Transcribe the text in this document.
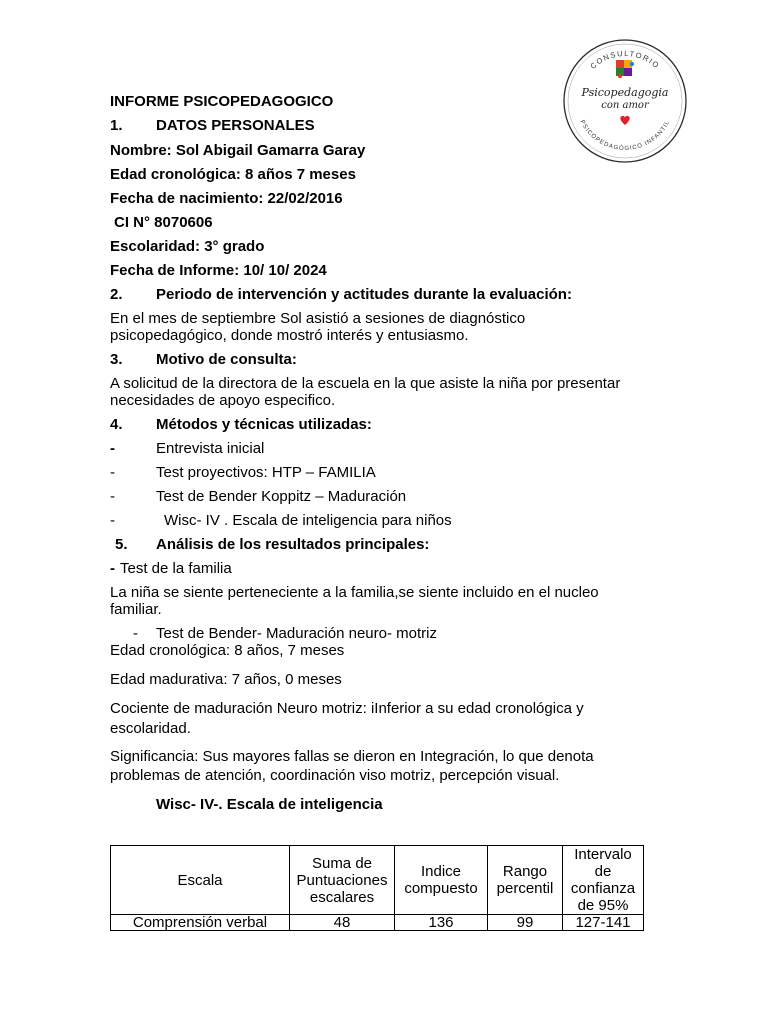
CONSULTORIO
PSICOPEDAGÓGICO INFANTIL
Psicopedagogia
con amor
INFORME PSICOPEDAGOGICO
1. DATOS PERSONALES
Nombre: Sol Abigail Gamarra Garay
Edad cronológica: 8 años 7 meses
Fecha de nacimiento: 22/02/2016
CI N° 8070606
Escolaridad: 3° grado
Fecha de Informe: 10/ 10/ 2024
2. Periodo de intervención y actitudes durante la evaluación:
En el mes de septiembre Sol asistió a sesiones de diagnóstico
psicopedagógico, donde mostró interés y entusiasmo.
3. Motivo de consulta:
A solicitud de la directora de la escuela en la que asiste la niña por presentar
necesidades de apoyo especifico.
4. Métodos y técnicas utilizadas:
-	Entrevista inicial
-	Test proyectivos: HTP – FAMILIA
-	Test de Bender Koppitz – Maduración
-	Wisc- IV . Escala de inteligencia para niños
5. Análisis de los resultados principales:
- Test de la familia
La niña se siente perteneciente a la familia,se siente incluido en el nucleo
familiar.
- Test de Bender- Maduración neuro- motriz
Edad cronológica: 8 años, 7 meses
Edad madurativa: 7 años, 0 meses
Cociente de maduración Neuro motriz: iInferior a su edad cronológica y
escolaridad.
Significancia: Sus mayores fallas se dieron en Integración, lo que denota
problemas de atención, coordinación viso motriz, percepción visual.
Wisc- IV-. Escala de inteligencia
Escala	Suma de
Puntuaciones
escalares	Indice
compuesto	Rango
percentil	Intervalo
de
confianza
de 95%
Comprensión verbal	48	136	99	127-141
